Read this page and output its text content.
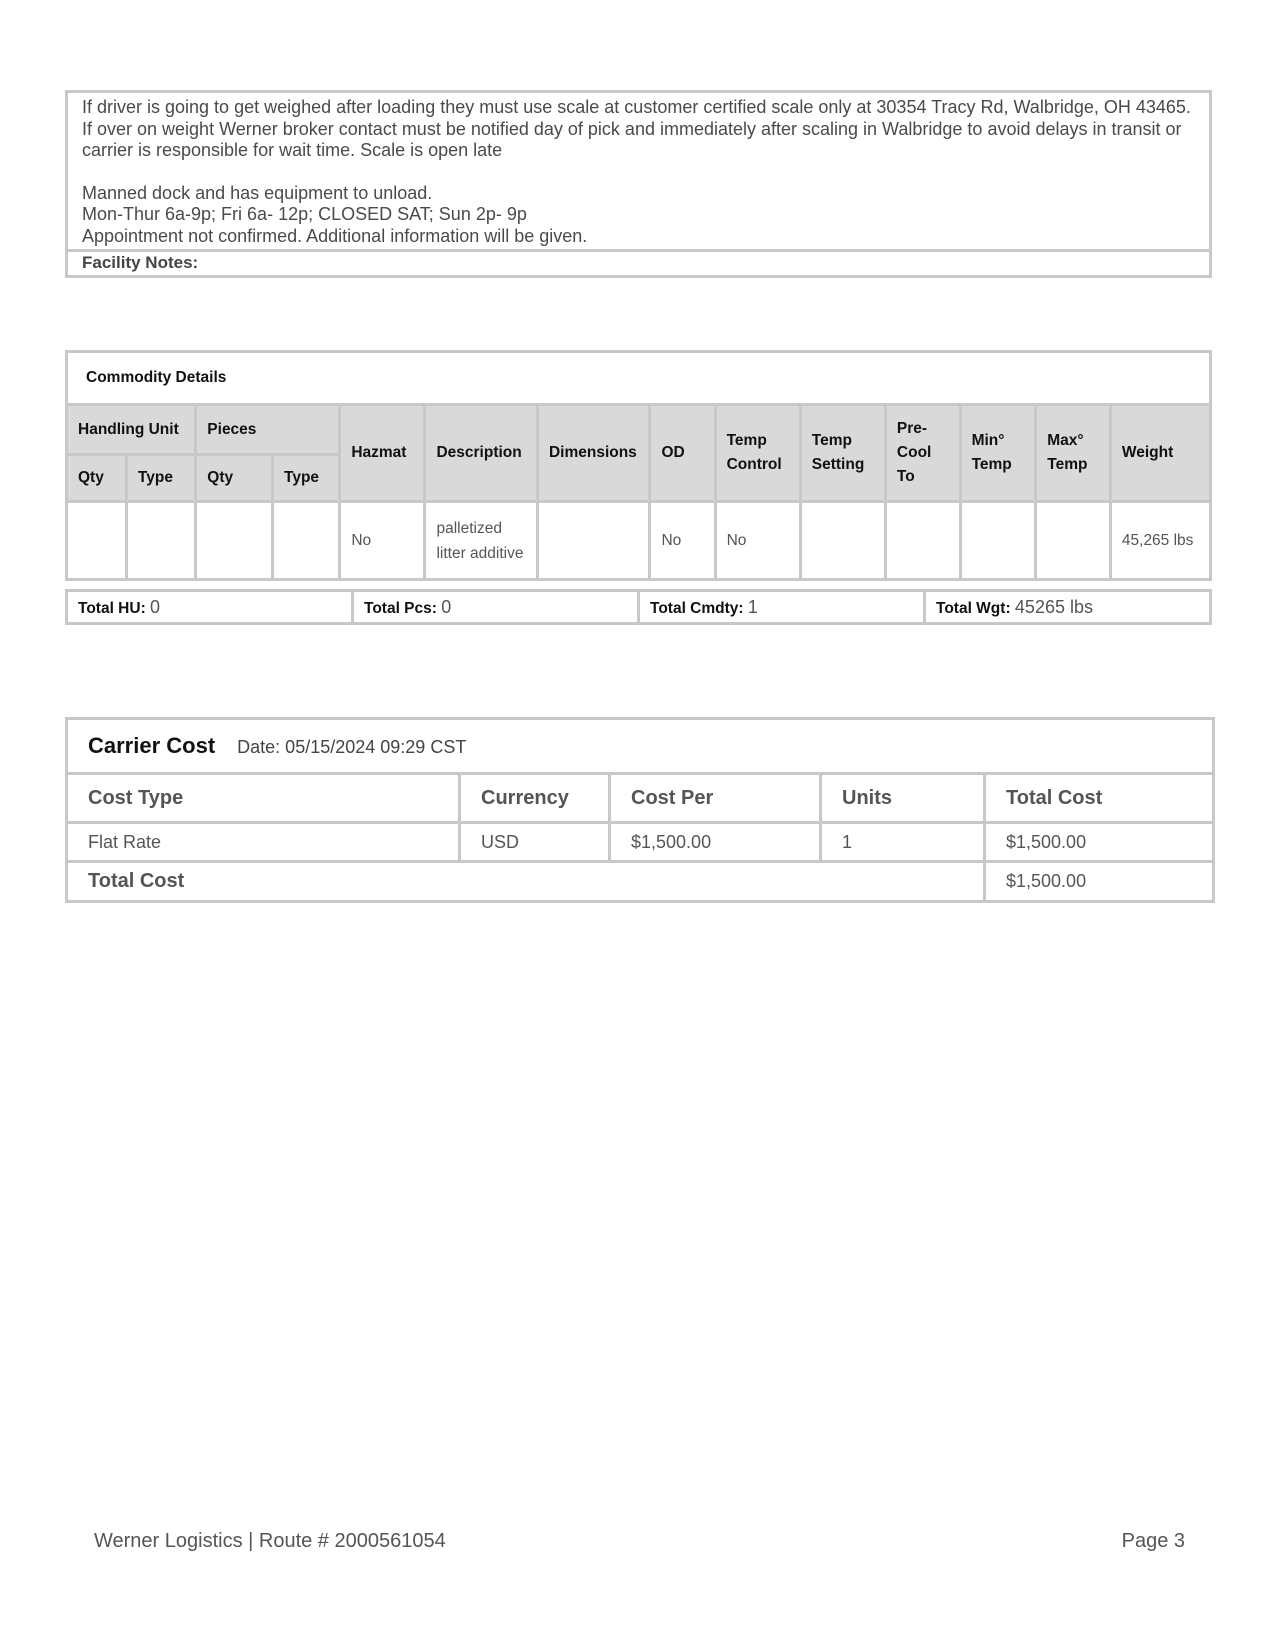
If driver is going to get weighed after loading they must use scale at customer certified scale only at 30354 Tracy Rd, Walbridge, OH 43465. If over on weight Werner broker contact must be notified day of pick and immediately after scaling in Walbridge to avoid delays in transit or carrier is responsible for wait time. Scale is open late

Manned dock and has equipment to unload.

Mon-Thur 6a-9p; Fri 6a- 12p; CLOSED SAT; Sun 2p- 9p

Appointment not confirmed. Additional information will be given.

Facility Notes:
Commodity Details													
Handling Unit		Pieces		Hazmat	Description	Dimensions	OD	Temp Control	Temp Setting	Pre-Cool To	Min° Temp	Max° Temp	Weight
Qty	Type	Qty	Type										
				No	palletized litter additive		No	No					45,265 lbs
Total HU: 0	Total Pcs: 0	Total Cmdty: 1	Total Wgt: 45265 lbs
Carrier Cost Date: 05/15/2024 09:29 CST				
Cost Type	Currency	Cost Per	Units	Total Cost
Flat Rate	USD	$1,500.00	1	$1,500.00
Total Cost				$1,500.00
Werner Logistics | Route # 2000561054	Page 3
